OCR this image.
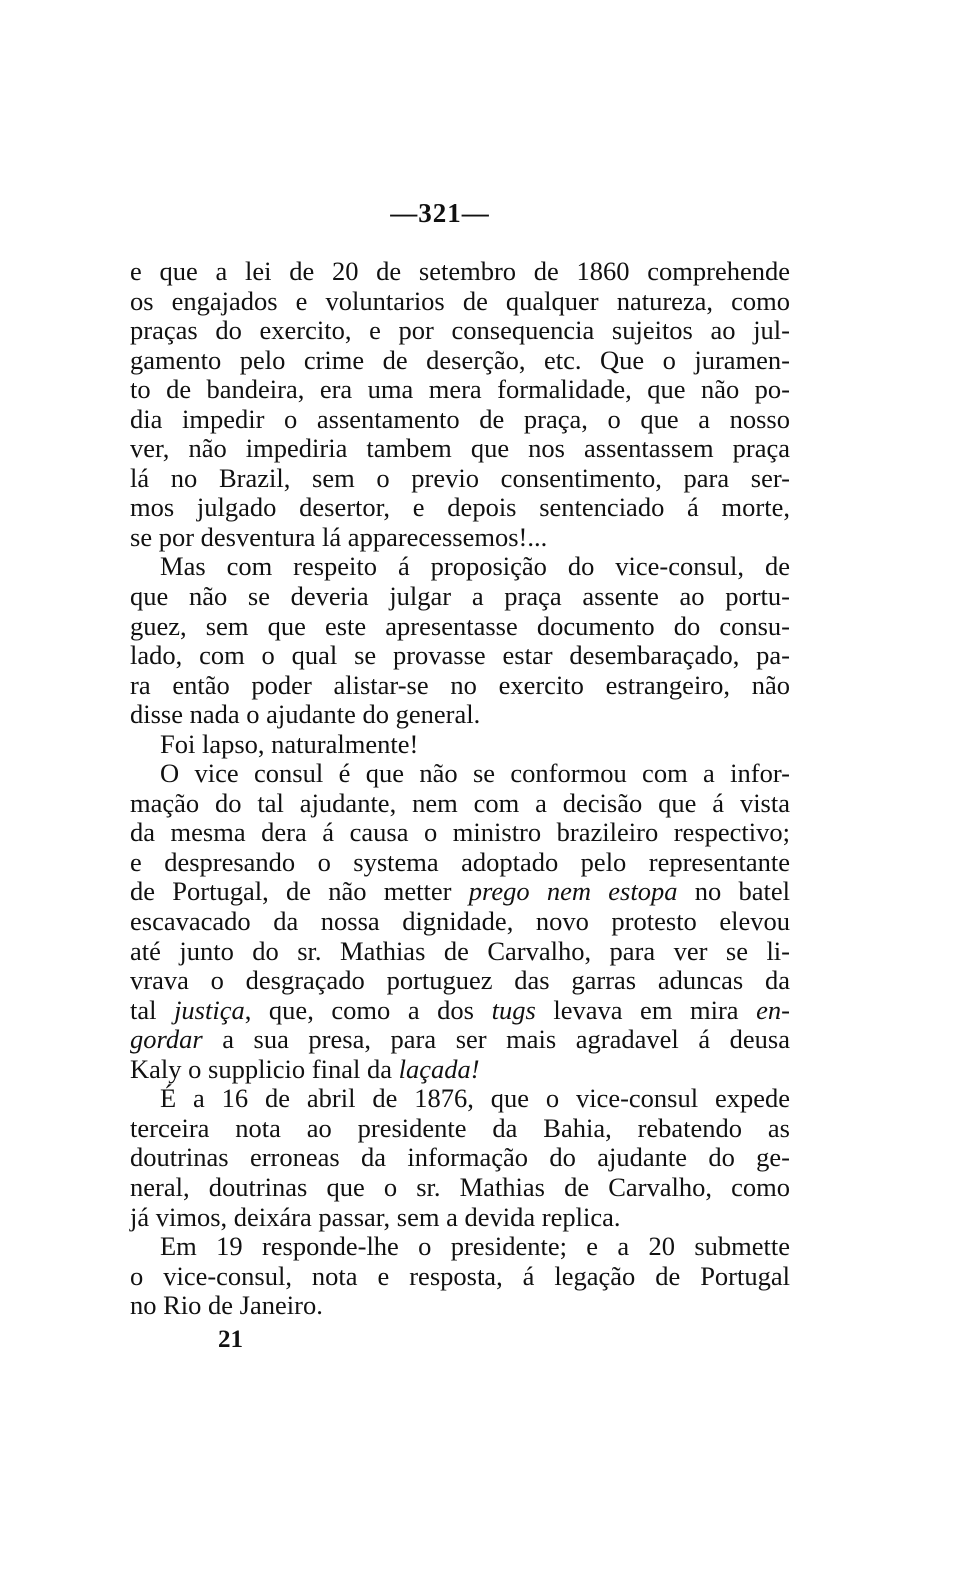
—321—
e que a lei de 20 de setembro de 1860 comprehende
os engajados e voluntarios de qualquer natureza, como
praças do exercito, e por consequencia sujeitos ao jul-
gamento pelo crime de deserção, etc. Que o juramen-
to de bandeira, era uma mera formalidade, que não po-
dia impedir o assentamento de praça, o que a nosso
ver, não impediria tambem que nos assentassem praça
lá no Brazil, sem o previo consentimento, para ser-
mos julgado desertor, e depois sentenciado á morte,
se por desventura lá apparecessemos!...
Mas com respeito á proposição do vice-consul, de
que não se deveria julgar a praça assente ao portu-
guez, sem que este apresentasse documento do consu-
lado, com o qual se provasse estar desembaraçado, pa-
ra então poder alistar-se no exercito estrangeiro, não
disse nada o ajudante do general.
Foi lapso, naturalmente!
O vice consul é que não se conformou com a infor-
mação do tal ajudante, nem com a decisão que á vista
da mesma dera á causa o ministro brazileiro respectivo;
e despresando o systema adoptado pelo representante
de Portugal, de não metter prego nem estopa no batel
escavacado da nossa dignidade, novo protesto elevou
até junto do sr. Mathias de Carvalho, para ver se li-
vrava o desgraçado portuguez das garras aduncas da
tal justiça, que, como a dos tugs levava em mira en-
gordar a sua presa, para ser mais agradavel á deusa
Kaly o supplicio final da laçada!
É a 16 de abril de 1876, que o vice-consul expede
terceira nota ao presidente da Bahia, rebatendo as
doutrinas erroneas da informação do ajudante do ge-
neral, doutrinas que o sr. Mathias de Carvalho, como
já vimos, deixára passar, sem a devida replica.
Em 19 responde-lhe o presidente; e a 20 submette
o vice-consul, nota e resposta, á legação de Portugal
no Rio de Janeiro.
21
